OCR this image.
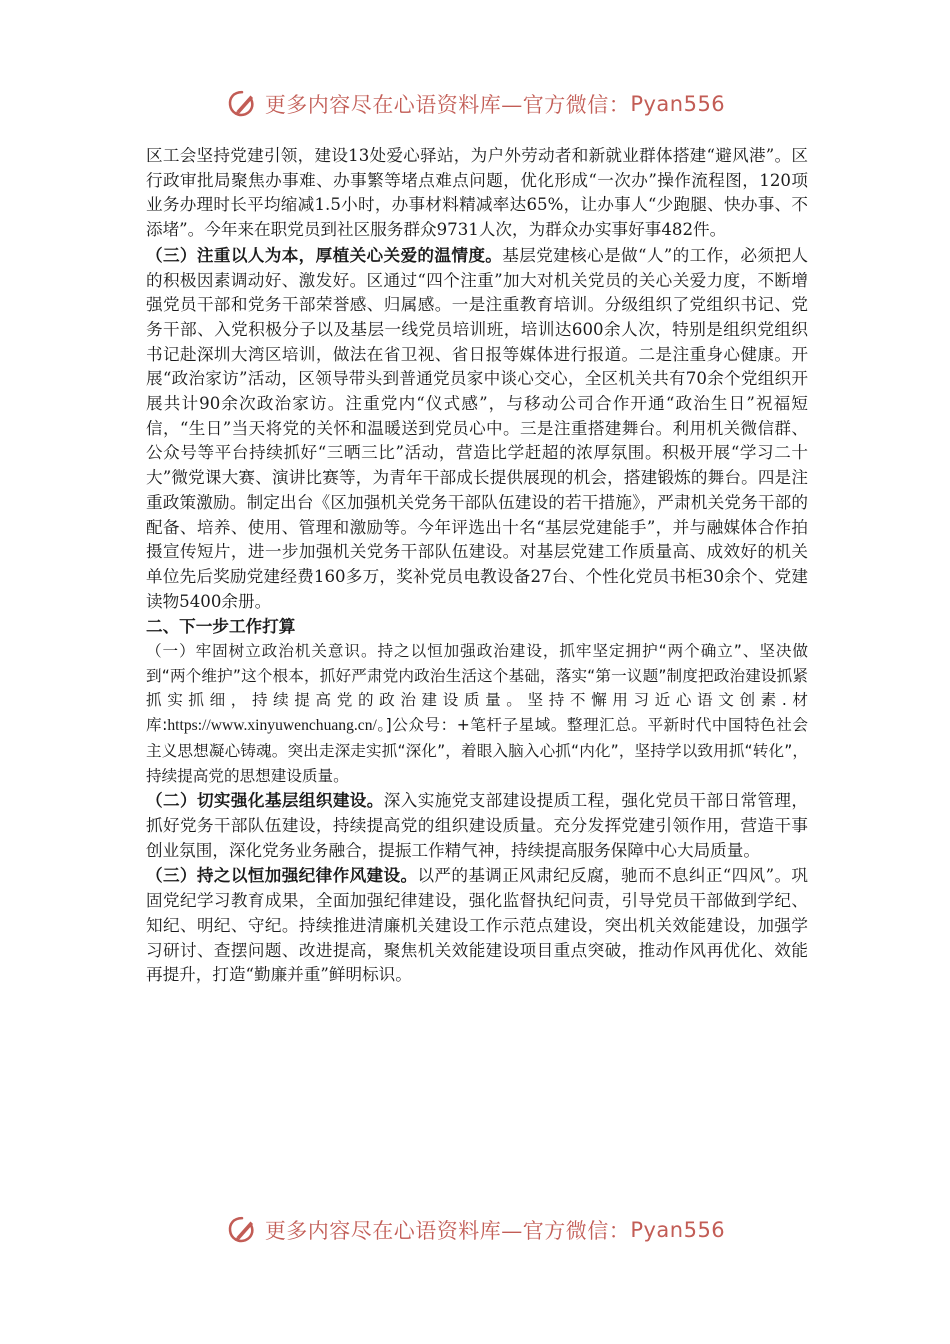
更多内容尽在心语资料库—官方微信： Pyan556

区工会坚持党建引领，建设13处爱心驿站，为户外劳动者和新就业群体搭建“避风港”。区行政审批局聚焦办事难、办事繁等堵点难点问题，优化形成“一次办”操作流程图，120项业务办理时长平均缩减1.5小时，办事材料精减率达65%，让办事人“少跑腿、快办事、不添堵”。今年来在职党员到社区服务群众9731人次，为群众办实事好事482件。

（三）注重以人为本，厚植关心关爱的温情度。基层党建核心是做“人”的工作，必须把人的积极因素调动好、激发好。区通过“四个注重”加大对机关党员的关心关爱力度，不断增强党员干部和党务干部荣誉感、归属感。一是注重教育培训。分级组织了党组织书记、党务干部、入党积极分子以及基层一线党员培训班，培训达600余人次，特别是组织党组织书记赴深圳大湾区培训，做法在省卫视、省日报等媒体进行报道。二是注重身心健康。开展“政治家访”活动，区领导带头到普通党员家中谈心交心，全区机关共有70余个党组织开展共计90余次政治家访。注重党内“仪式感”，与移动公司合作开通“政治生日”祝福短信，“生日”当天将党的关怀和温暖送到党员心中。三是注重搭建舞台。利用机关微信群、公众号等平台持续抓好“三晒三比”活动，营造比学赶超的浓厚氛围。积极开展“学习二十大”微党课大赛、演讲比赛等，为青年干部成长提供展现的机会，搭建锻炼的舞台。四是注重政策激励。制定出台《区加强机关党务干部队伍建设的若干措施》，严肃机关党务干部的配备、培养、使用、管理和激励等。今年评选出十名“基层党建能手”，并与融媒体合作拍摄宣传短片，进一步加强机关党务干部队伍建设。对基层党建工作质量高、成效好的机关单位先后奖励党建经费160多万，奖补党员电教设备27台、个性化党员书柜30余个、党建读物5400余册。

二、下一步工作打算

（一）牢固树立政治机关意识。持之以恒加强政治建设，抓牢坚定拥护“两个确立”、坚决做到“两个维护”这个根本，抓好严肃党内政治生活这个基础，落实“第一议题”制度把政治建设抓紧抓实抓细，持续提高党的政治建设质量。坚持不懈用习近心语文创素.材库:https://www.xinyuwenchuang.cn/。]公众号：+笔杆子星域。整理汇总。平新时代中国特色社会主义思想凝心铸魂。突出走深走实抓“深化”，着眼入脑入心抓“内化”，坚持学以致用抓“转化”，持续提高党的思想建设质量。

（二）切实强化基层组织建设。深入实施党支部建设提质工程，强化党员干部日常管理，抓好党务干部队伍建设，持续提高党的组织建设质量。充分发挥党建引领作用，营造干事创业氛围，深化党务业务融合，提振工作精气神，持续提高服务保障中心大局质量。

（三）持之以恒加强纪律作风建设。以严的基调正风肃纪反腐，驰而不息纠正“四风”。巩固党纪学习教育成果，全面加强纪律建设，强化监督执纪问责，引导党员干部做到学纪、知纪、明纪、守纪。持续推进清廉机关建设工作示范点建设，突出机关效能建设，加强学习研讨、查摆问题、改进提高，聚焦机关效能建设项目重点突破，推动作风再优化、效能再提升，打造“勤廉并重”鲜明标识。

更多内容尽在心语资料库—官方微信： Pyan556
